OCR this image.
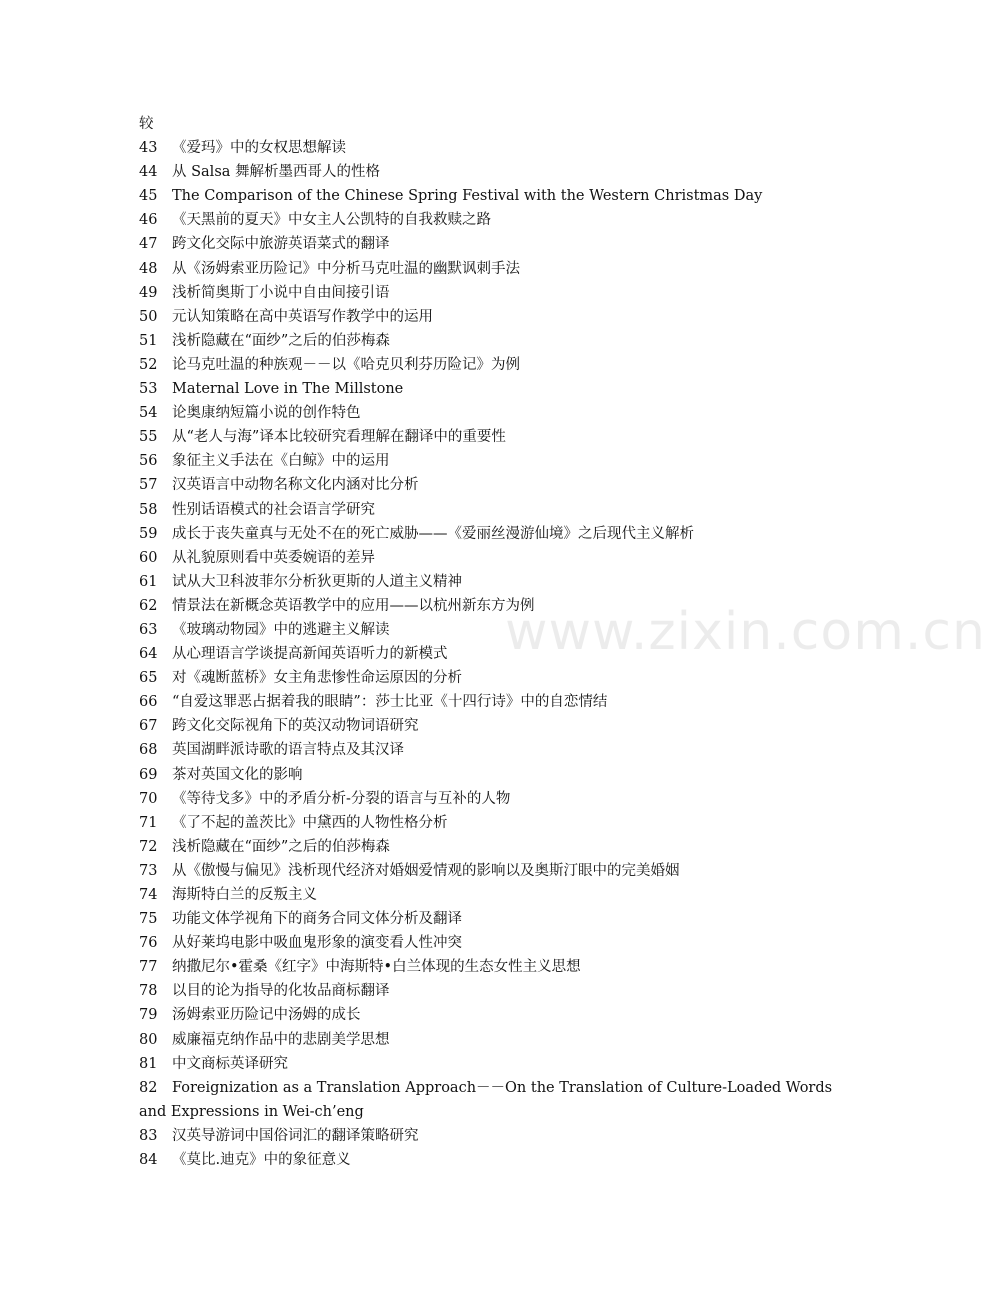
www.zixin.com.cn
较
43 《爱玛》中的女权思想解读
44 从 Salsa 舞解析墨西哥人的性格
45 The Comparison of the Chinese Spring Festival with the Western Christmas Day
46 《天黑前的夏天》中女主人公凯特的自我救赎之路
47 跨文化交际中旅游英语菜式的翻译
48 从《汤姆索亚历险记》中分析马克吐温的幽默讽刺手法
49 浅析简奥斯丁小说中自由间接引语
50 元认知策略在高中英语写作教学中的运用
51 浅析隐藏在“面纱”之后的伯莎梅森
52 论马克吐温的种族观－－以《哈克贝利芬历险记》为例
53 Maternal Love in The Millstone
54 论奥康纳短篇小说的创作特色
55 从“老人与海”译本比较研究看理解在翻译中的重要性
56 象征主义手法在《白鲸》中的运用
57 汉英语言中动物名称文化内涵对比分析
58 性别话语模式的社会语言学研究
59 成长于丧失童真与无处不在的死亡威胁——《爱丽丝漫游仙境》之后现代主义解析
60 从礼貌原则看中英委婉语的差异
61 试从大卫科波菲尔分析狄更斯的人道主义精神
62 情景法在新概念英语教学中的应用——以杭州新东方为例
63 《玻璃动物园》中的逃避主义解读
64 从心理语言学谈提高新闻英语听力的新模式
65 对《魂断蓝桥》女主角悲惨性命运原因的分析
66 “自爱这罪恶占据着我的眼睛”：莎士比亚《十四行诗》中的自恋情结
67 跨文化交际视角下的英汉动物词语研究
68 英国湖畔派诗歌的语言特点及其汉译
69 茶对英国文化的影响
70 《等待戈多》中的矛盾分析-分裂的语言与互补的人物
71 《了不起的盖茨比》中黛西的人物性格分析
72 浅析隐藏在“面纱”之后的伯莎梅森
73 从《傲慢与偏见》浅析现代经济对婚姻爱情观的影响以及奥斯汀眼中的完美婚姻
74 海斯特白兰的反叛主义
75 功能文体学视角下的商务合同文体分析及翻译
76 从好莱坞电影中吸血鬼形象的演变看人性冲突
77 纳撒尼尔•霍桑《红字》中海斯特•白兰体现的生态女性主义思想
78 以目的论为指导的化妆品商标翻译
79 汤姆索亚历险记中汤姆的成长
80 威廉福克纳作品中的悲剧美学思想
81 中文商标英译研究
82 Foreignization as a Translation Approach－－On the Translation of Culture-Loaded Words
and Expressions in Wei-ch’eng
83 汉英导游词中国俗词汇的翻译策略研究
84 《莫比.迪克》中的象征意义
